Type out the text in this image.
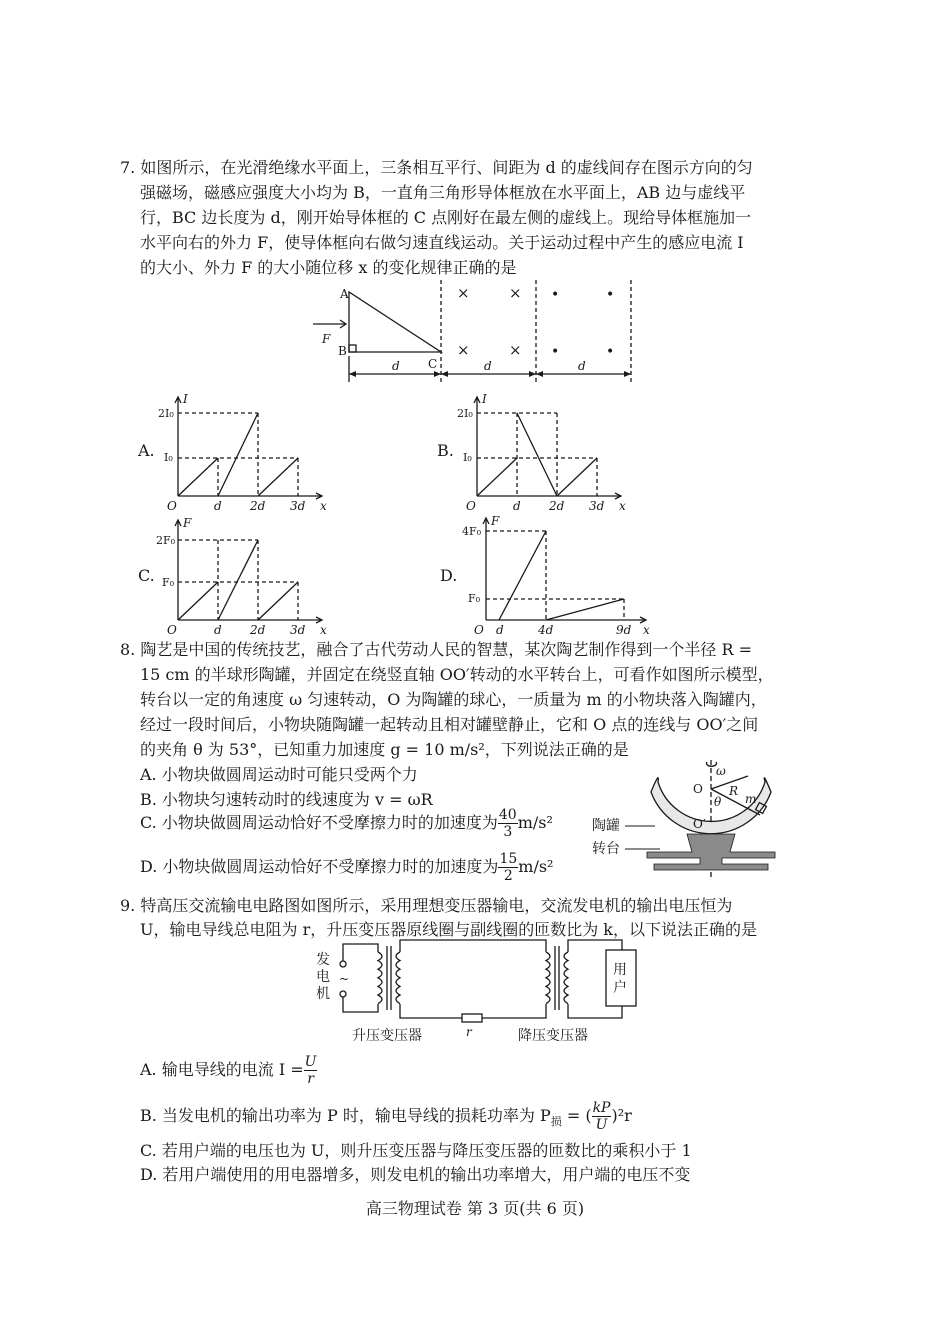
7. 如图所示，在光滑绝缘水平面上，三条相互平行、间距为 d 的虚线间存在图示方向的匀
强磁场，磁感应强度大小均为 B，一直角三角形导体框放在水平面上，AB 边与虚线平
行，BC 边长度为 d，刚开始导体框的 C 点刚好在最左侧的虚线上。现给导体框施加一
水平向右的外力 F，使导体框向右做匀速直线运动。关于运动过程中产生的感应电流 I
的大小、外力 F 的大小随位移 x 的变化规律正确的是
A
B
C
F
d	d	d
×	×
×	×
•	•
•	•
A.
I
2I₀
I₀
O	d 2d 3d x
B.
I
2I₀
I₀
O	d 2d 3d x
C.
F
2F₀
F₀
O	d 2d 3d x
D.
F
4F₀
F₀
O d	4d	9d x
8. 陶艺是中国的传统技艺，融合了古代劳动人民的智慧，某次陶艺制作得到一个半径 R =
15 cm 的半球形陶罐，并固定在绕竖直轴 OO′转动的水平转台上，可看作如图所示模型，
转台以一定的角速度 ω 匀速转动，O 为陶罐的球心，一质量为 m 的小物块落入陶罐内，
经过一段时间后，小物块随陶罐一起转动且相对罐壁静止，它和 O 点的连线与 OO′之间
的夹角 θ 为 53°，已知重力加速度 g = 10 m/s²，下列说法正确的是
A. 小物块做圆周运动时可能只受两个力
B. 小物块匀速转动时的线速度为 v = ωR
C. 小物块做圆周运动恰好不受摩擦力时的加速度为 $\frac{40}{3} m/s^2$
D. 小物块做圆周运动恰好不受摩擦力时的加速度为 $\frac{15}{2} m/s^2$
ω
O
O′
θ
R
m
陶罐
转台
9. 特高压交流输电电路图如图所示，采用理想变压器输电，交流发电机的输出电压恒为
U，输电导线总电阻为 r，升压变压器原线圈与副线圈的匝数比为 k，以下说法正确的是
发
电
机
~
用
户
r
升压变压器	降压变压器
A. 输电导线的电流 $I = \frac{U}{r}$
B. 当发电机的输出功率为 P 时，输电导线的损耗功率为 $P_损$ = ( $\frac{kP}{U} )^2r$
C. 若用户端的电压也为 U，则升压变压器与降压变压器的匝数比的乘积小于 1
D. 若用户端使用的用电器增多，则发电机的输出功率增大，用户端的电压不变
高三物理试卷 第 3 页(共 6 页)
